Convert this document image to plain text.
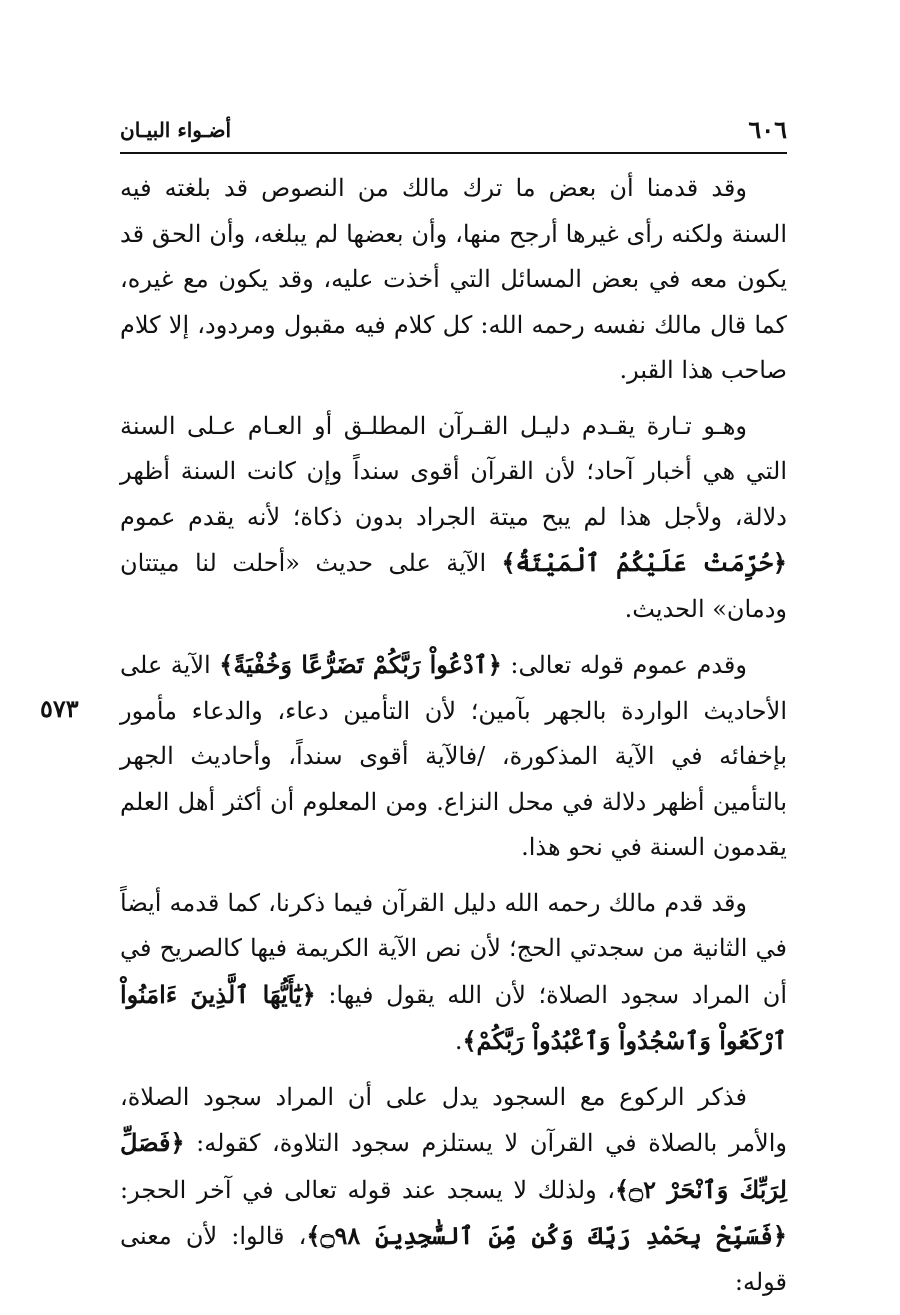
٦٠٦
أضـواء البيـان
٥٧٣

وقد قدمنا أن بعض ما ترك مالك من النصوص قد بلغته فيه السنة ولكنه رأى غيرها أرجح منها، وأن بعضها لم يبلغه، وأن الحق قد يكون معه في بعض المسائل التي أخذت عليه، وقد يكون مع غيره، كما قال مالك نفسه رحمه الله: كل كلام فيه مقبول ومردود، إلا كلام صاحب هذا القبر.

وهـو تـارة يقـدم دليـل القـرآن المطلـق أو العـام عـلى السنة التي هي أخبار آحاد؛ لأن القرآن أقوى سنداً وإن كانت السنة أظهر دلالة، ولأجل هذا لم يبح ميتة الجراد بدون ذكاة؛ لأنه يقدم عموم ﴿حُرِّمَتْ عَلَيْكُمُ ٱلْمَيْتَةُ﴾ الآية على حديث «أحلت لنا ميتتان ودمان» الحديث.

وقدم عموم قوله تعالى: ﴿ٱدْعُواْ رَبَّكُمْ تَضَرُّعًا وَخُفْيَةً﴾ الآية على الأحاديث الواردة بالجهر بآمين؛ لأن التأمين دعاء، والدعاء مأمور بإخفائه في الآية المذكورة، /فالآية أقوى سنداً، وأحاديث الجهر بالتأمين أظهر دلالة في محل النزاع. ومن المعلوم أن أكثر أهل العلم يقدمون السنة في نحو هذا.

وقد قدم مالك رحمه الله دليل القرآن فيما ذكرنا، كما قدمه أيضاً في الثانية من سجدتي الحج؛ لأن نص الآية الكريمة فيها كالصريح في أن المراد سجود الصلاة؛ لأن الله يقول فيها: ﴿يَٰٓأَيُّهَا ٱلَّذِينَ ءَامَنُواْ ٱرْكَعُواْ وَٱسْجُدُواْ وَٱعْبُدُواْ رَبَّكُمْ﴾.

فذكر الركوع مع السجود يدل على أن المراد سجود الصلاة، والأمر بالصلاة في القرآن لا يستلزم سجود التلاوة، كقوله: ﴿فَصَلِّ لِرَبِّكَ وَٱنْحَرْ ۝٢﴾، ولذلك لا يسجد عند قوله تعالى في آخر الحجر: ﴿فَسَبِّحْ بِحَمْدِ رَبِّكَ وَكُن مِّنَ ٱلسَّٰجِدِينَ ۝٩٨﴾، قالوا: لأن معنى قوله:
